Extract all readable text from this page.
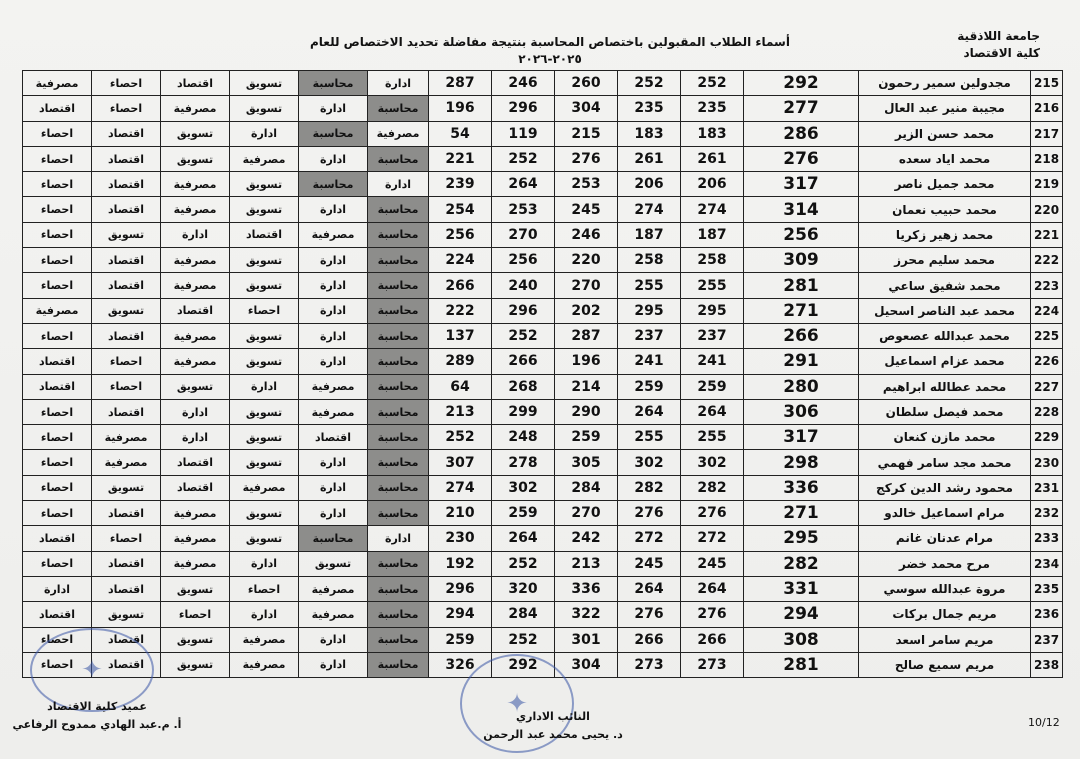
جامعة اللاذقية
كلية الاقتصاد
أسماء الطلاب المقبولين باختصاص المحاسبة بنتيجة مفاضلة تحديد الاختصاص للعام ٢٠٢٥-٢٠٢٦
215	مجدولين سمير رحمون	292	252	252	260	246	287	ادارة	محاسبة	تسويق	اقتصاد	احصاء	مصرفية
216	مجيبة منير عبد العال	277	235	235	304	296	196	محاسبة	ادارة	تسويق	مصرفية	احصاء	اقتصاد
217	محمد حسن الزير	286	183	183	215	119	54	مصرفية	محاسبة	ادارة	تسويق	اقتصاد	احصاء
218	محمد اياد سعده	276	261	261	276	252	221	محاسبة	ادارة	مصرفية	تسويق	اقتصاد	احصاء
219	محمد جميل ناصر	317	206	206	253	264	239	ادارة	محاسبة	تسويق	مصرفية	اقتصاد	احصاء
220	محمد حبيب نعمان	314	274	274	245	253	254	محاسبة	ادارة	تسويق	مصرفية	اقتصاد	احصاء
221	محمد زهير زكريا	256	187	187	246	270	256	محاسبة	مصرفية	اقتصاد	ادارة	تسويق	احصاء
222	محمد سليم محرز	309	258	258	220	256	224	محاسبة	ادارة	تسويق	مصرفية	اقتصاد	احصاء
223	محمد شفيق ساعي	281	255	255	270	240	266	محاسبة	ادارة	تسويق	مصرفية	اقتصاد	احصاء
224	محمد عبد الناصر اسحيل	271	295	295	202	296	222	محاسبة	ادارة	احصاء	اقتصاد	تسويق	مصرفية
225	محمد عبدالله عصعوص	266	237	237	287	252	137	محاسبة	ادارة	تسويق	مصرفية	اقتصاد	احصاء
226	محمد عزام اسماعيل	291	241	241	196	266	289	محاسبة	ادارة	تسويق	مصرفية	احصاء	اقتصاد
227	محمد عطالله ابراهيم	280	259	259	214	268	64	محاسبة	مصرفية	ادارة	تسويق	احصاء	اقتصاد
228	محمد فيصل سلطان	306	264	264	290	299	213	محاسبة	مصرفية	تسويق	ادارة	اقتصاد	احصاء
229	محمد مازن كنعان	317	255	255	259	248	252	محاسبة	اقتصاد	تسويق	ادارة	مصرفية	احصاء
230	محمد مجد سامر فهمي	298	302	302	305	278	307	محاسبة	ادارة	تسويق	اقتصاد	مصرفية	احصاء
231	محمود رشد الدين كركج	336	282	282	284	302	274	محاسبة	ادارة	مصرفية	اقتصاد	تسويق	احصاء
232	مرام اسماعيل خالدو	271	276	276	270	259	210	محاسبة	ادارة	تسويق	مصرفية	اقتصاد	احصاء
233	مرام عدنان غانم	295	272	272	242	264	230	ادارة	محاسبة	تسويق	مصرفية	احصاء	اقتصاد
234	مرح محمد خضر	282	245	245	213	252	192	محاسبة	تسويق	ادارة	مصرفية	اقتصاد	احصاء
235	مروة عبدالله سوسي	331	264	264	336	320	296	محاسبة	مصرفية	احصاء	تسويق	اقتصاد	ادارة
236	مريم جمال بركات	294	276	276	322	284	294	محاسبة	مصرفية	ادارة	احصاء	تسويق	اقتصاد
237	مريم سامر اسعد	308	266	266	301	252	259	محاسبة	ادارة	مصرفية	تسويق	اقتصاد	احصاء
238	مريم سميع صالح	281	273	273	304	292	326	محاسبة	ادارة	مصرفية	تسويق	اقتصاد	احصاء ✦
✦
عميد كلية الاقتصاد
أ. م.عبد الهادي ممدوح الرفاعي
النائب الاداري
د. يحيى محمد عبد الرحمن
10/12
